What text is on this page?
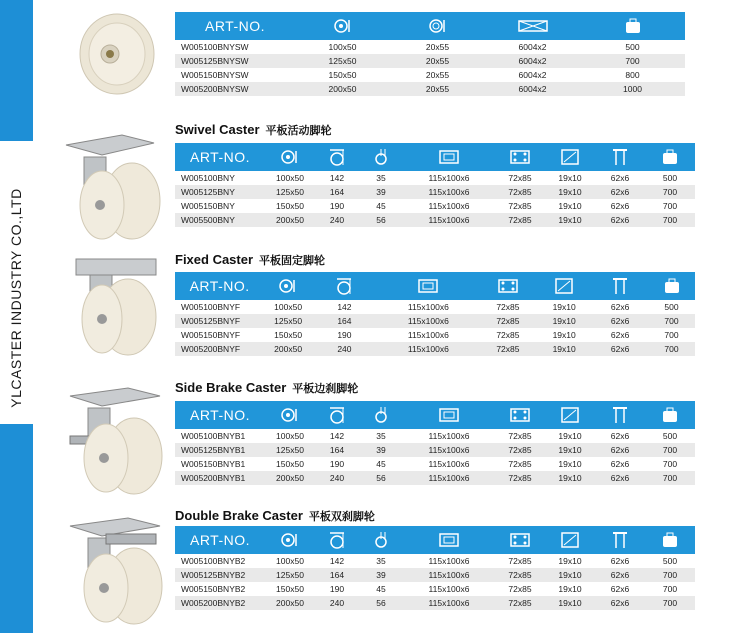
YLCASTER INDUSTRY CO.,LTD
Swivel Caster 平板活动脚轮
Fixed Caster 平板固定脚轮
Side Brake Caster 平板边刹脚轮
Double Brake Caster 平板双刹脚轮
ART-NO.				
W005100BNYSW	100x50	20x55	6004x2	500
W005125BNYSW	125x50	20x55	6004x2	700
W005150BNYSW	150x50	20x55	6004x2	800
W005200BNYSW	200x50	20x55	6004x2	1000
ART-NO.								
W005100BNY	100x50	142	35	115x100x6	72x85	19x10	62x6	500
W005125BNY	125x50	164	39	115x100x6	72x85	19x10	62x6	700
W005150BNY	150x50	190	45	115x100x6	72x85	19x10	62x6	700
W005500BNY	200x50	240	56	115x100x6	72x85	19x10	62x6	700
ART-NO.							
W005100BNYF	100x50	142	115x100x6	72x85	19x10	62x6	500
W005125BNYF	125x50	164	115x100x6	72x85	19x10	62x6	700
W005150BNYF	150x50	190	115x100x6	72x85	19x10	62x6	700
W005200BNYF	200x50	240	115x100x6	72x85	19x10	62x6	700
ART-NO.								
W005100BNYB1	100x50	142	35	115x100x6	72x85	19x10	62x6	500
W005125BNYB1	125x50	164	39	115x100x6	72x85	19x10	62x6	700
W005150BNYB1	150x50	190	45	115x100x6	72x85	19x10	62x6	700
W005200BNYB1	200x50	240	56	115x100x6	72x85	19x10	62x6	700
ART-NO.								
W005100BNYB2	100x50	142	35	115x100x6	72x85	19x10	62x6	500
W005125BNYB2	125x50	164	39	115x100x6	72x85	19x10	62x6	700
W005150BNYB2	150x50	190	45	115x100x6	72x85	19x10	62x6	700
W005200BNYB2	200x50	240	56	115x100x6	72x85	19x10	62x6	700
